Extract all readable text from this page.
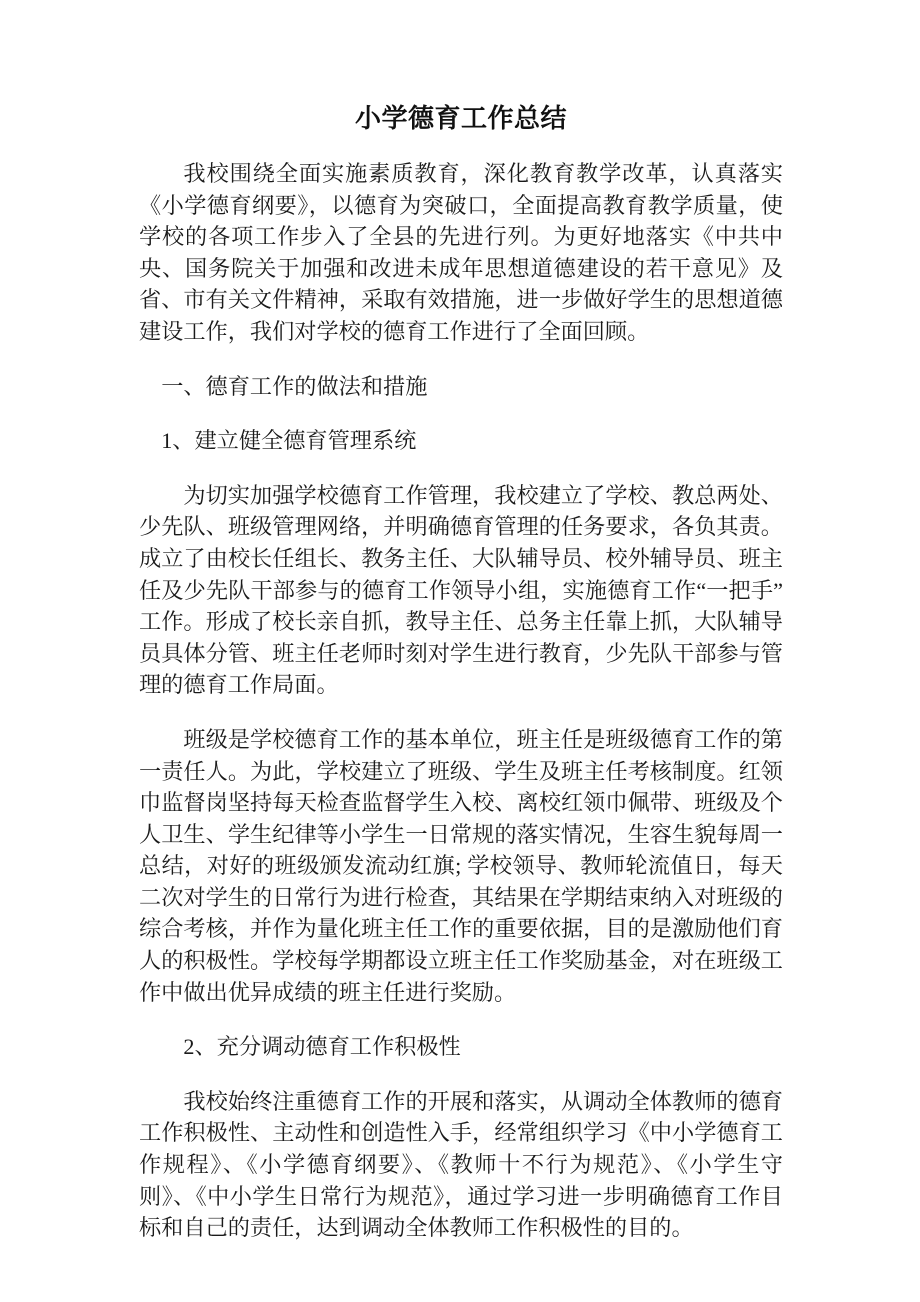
小学德育工作总结

我校围绕全面实施素质教育，深化教育教学改革，认真落实《小学德育纲要》，以德育为突破口，全面提高教育教学质量，使学校的各项工作步入了全县的先进行列。为更好地落实《中共中央、国务院关于加强和改进未成年思想道德建设的若干意见》及省、市有关文件精神，采取有效措施，进一步做好学生的思想道德建设工作，我们对学校的德育工作进行了全面回顾。

一、德育工作的做法和措施

1、建立健全德育管理系统

为切实加强学校德育工作管理，我校建立了学校、教总两处、少先队、班级管理网络，并明确德育管理的任务要求，各负其责。成立了由校长任组长、教务主任、大队辅导员、校外辅导员、班主任及少先队干部参与的德育工作领导小组，实施德育工作“一把手”工作。形成了校长亲自抓，教导主任、总务主任靠上抓，大队辅导员具体分管、班主任老师时刻对学生进行教育，少先队干部参与管理的德育工作局面。

班级是学校德育工作的基本单位，班主任是班级德育工作的第一责任人。为此，学校建立了班级、学生及班主任考核制度。红领巾监督岗坚持每天检查监督学生入校、离校红领巾佩带、班级及个人卫生、学生纪律等小学生一日常规的落实情况，生容生貌每周一总结，对好的班级颁发流动红旗; 学校领导、教师轮流值日，每天二次对学生的日常行为进行检查，其结果在学期结束纳入对班级的综合考核，并作为量化班主任工作的重要依据，目的是激励他们育人的积极性。学校每学期都设立班主任工作奖励基金，对在班级工作中做出优异成绩的班主任进行奖励。

2、充分调动德育工作积极性

我校始终注重德育工作的开展和落实，从调动全体教师的德育工作积极性、主动性和创造性入手，经常组织学习《中小学德育工作规程》、《小学德育纲要》、《教师十不行为规范》、《小学生守则》、《中小学生日常行为规范》，通过学习进一步明确德育工作目标和自己的责任，达到调动全体教师工作积极性的目的。
